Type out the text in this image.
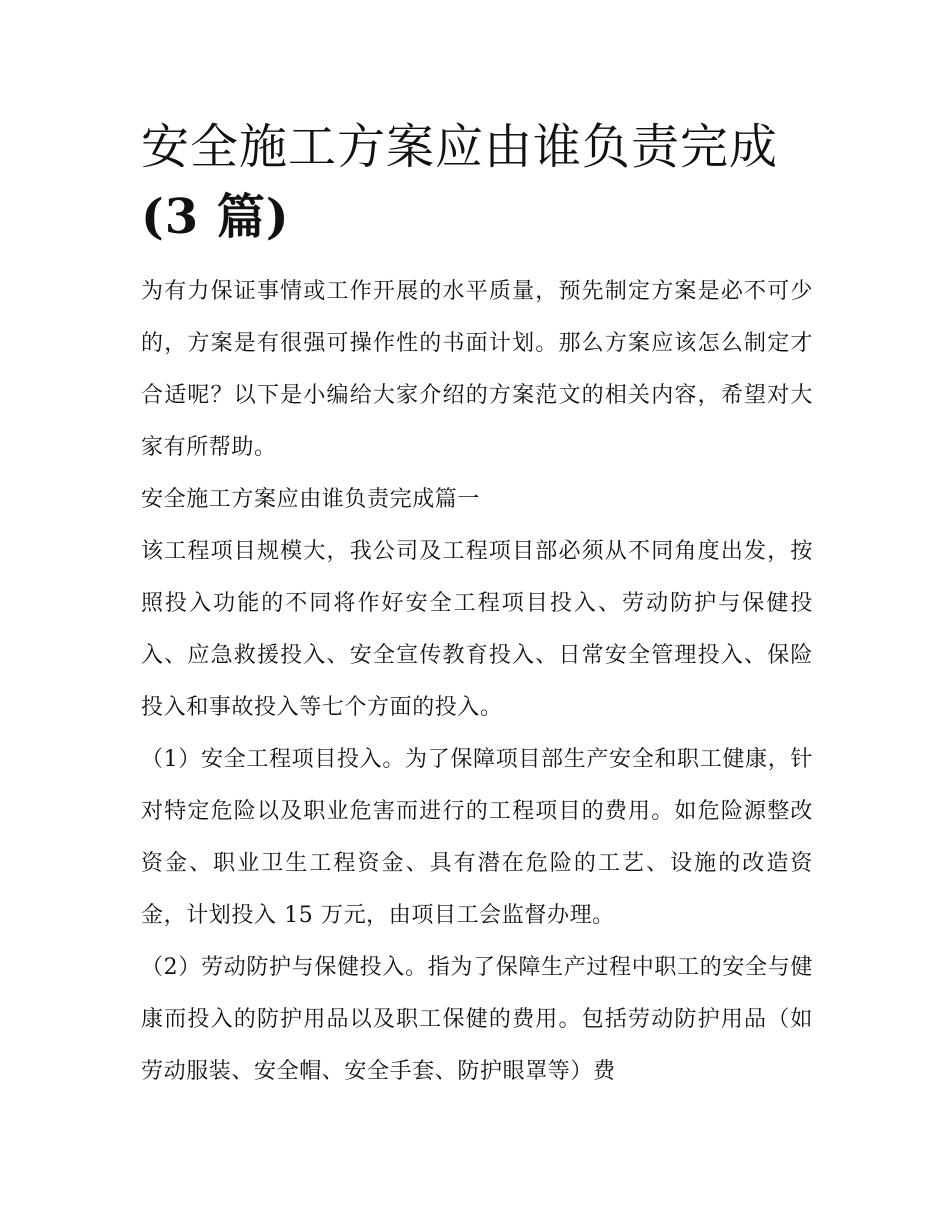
安全施工方案应由谁负责完成
(3 篇)

为有力保证事情或工作开展的水平质量，预先制定方案是必不可少的，方案是有很强可操作性的书面计划。那么方案应该怎么制定才合适呢？以下是小编给大家介绍的方案范文的相关内容，希望对大家有所帮助。

安全施工方案应由谁负责完成篇一

该工程项目规模大，我公司及工程项目部必须从不同角度出发，按照投入功能的不同将作好安全工程项目投入、劳动防护与保健投入、应急救援投入、安全宣传教育投入、日常安全管理投入、保险投入和事故投入等七个方面的投入。

（1）安全工程项目投入。为了保障项目部生产安全和职工健康，针对特定危险以及职业危害而进行的工程项目的费用。如危险源整改资金、职业卫生工程资金、具有潜在危险的工艺、设施的改造资金，计划投入 15 万元，由项目工会监督办理。

（2）劳动防护与保健投入。指为了保障生产过程中职工的安全与健康而投入的防护用品以及职工保健的费用。包括劳动防护用品（如劳动服装、安全帽、安全手套、防护眼罩等）费
